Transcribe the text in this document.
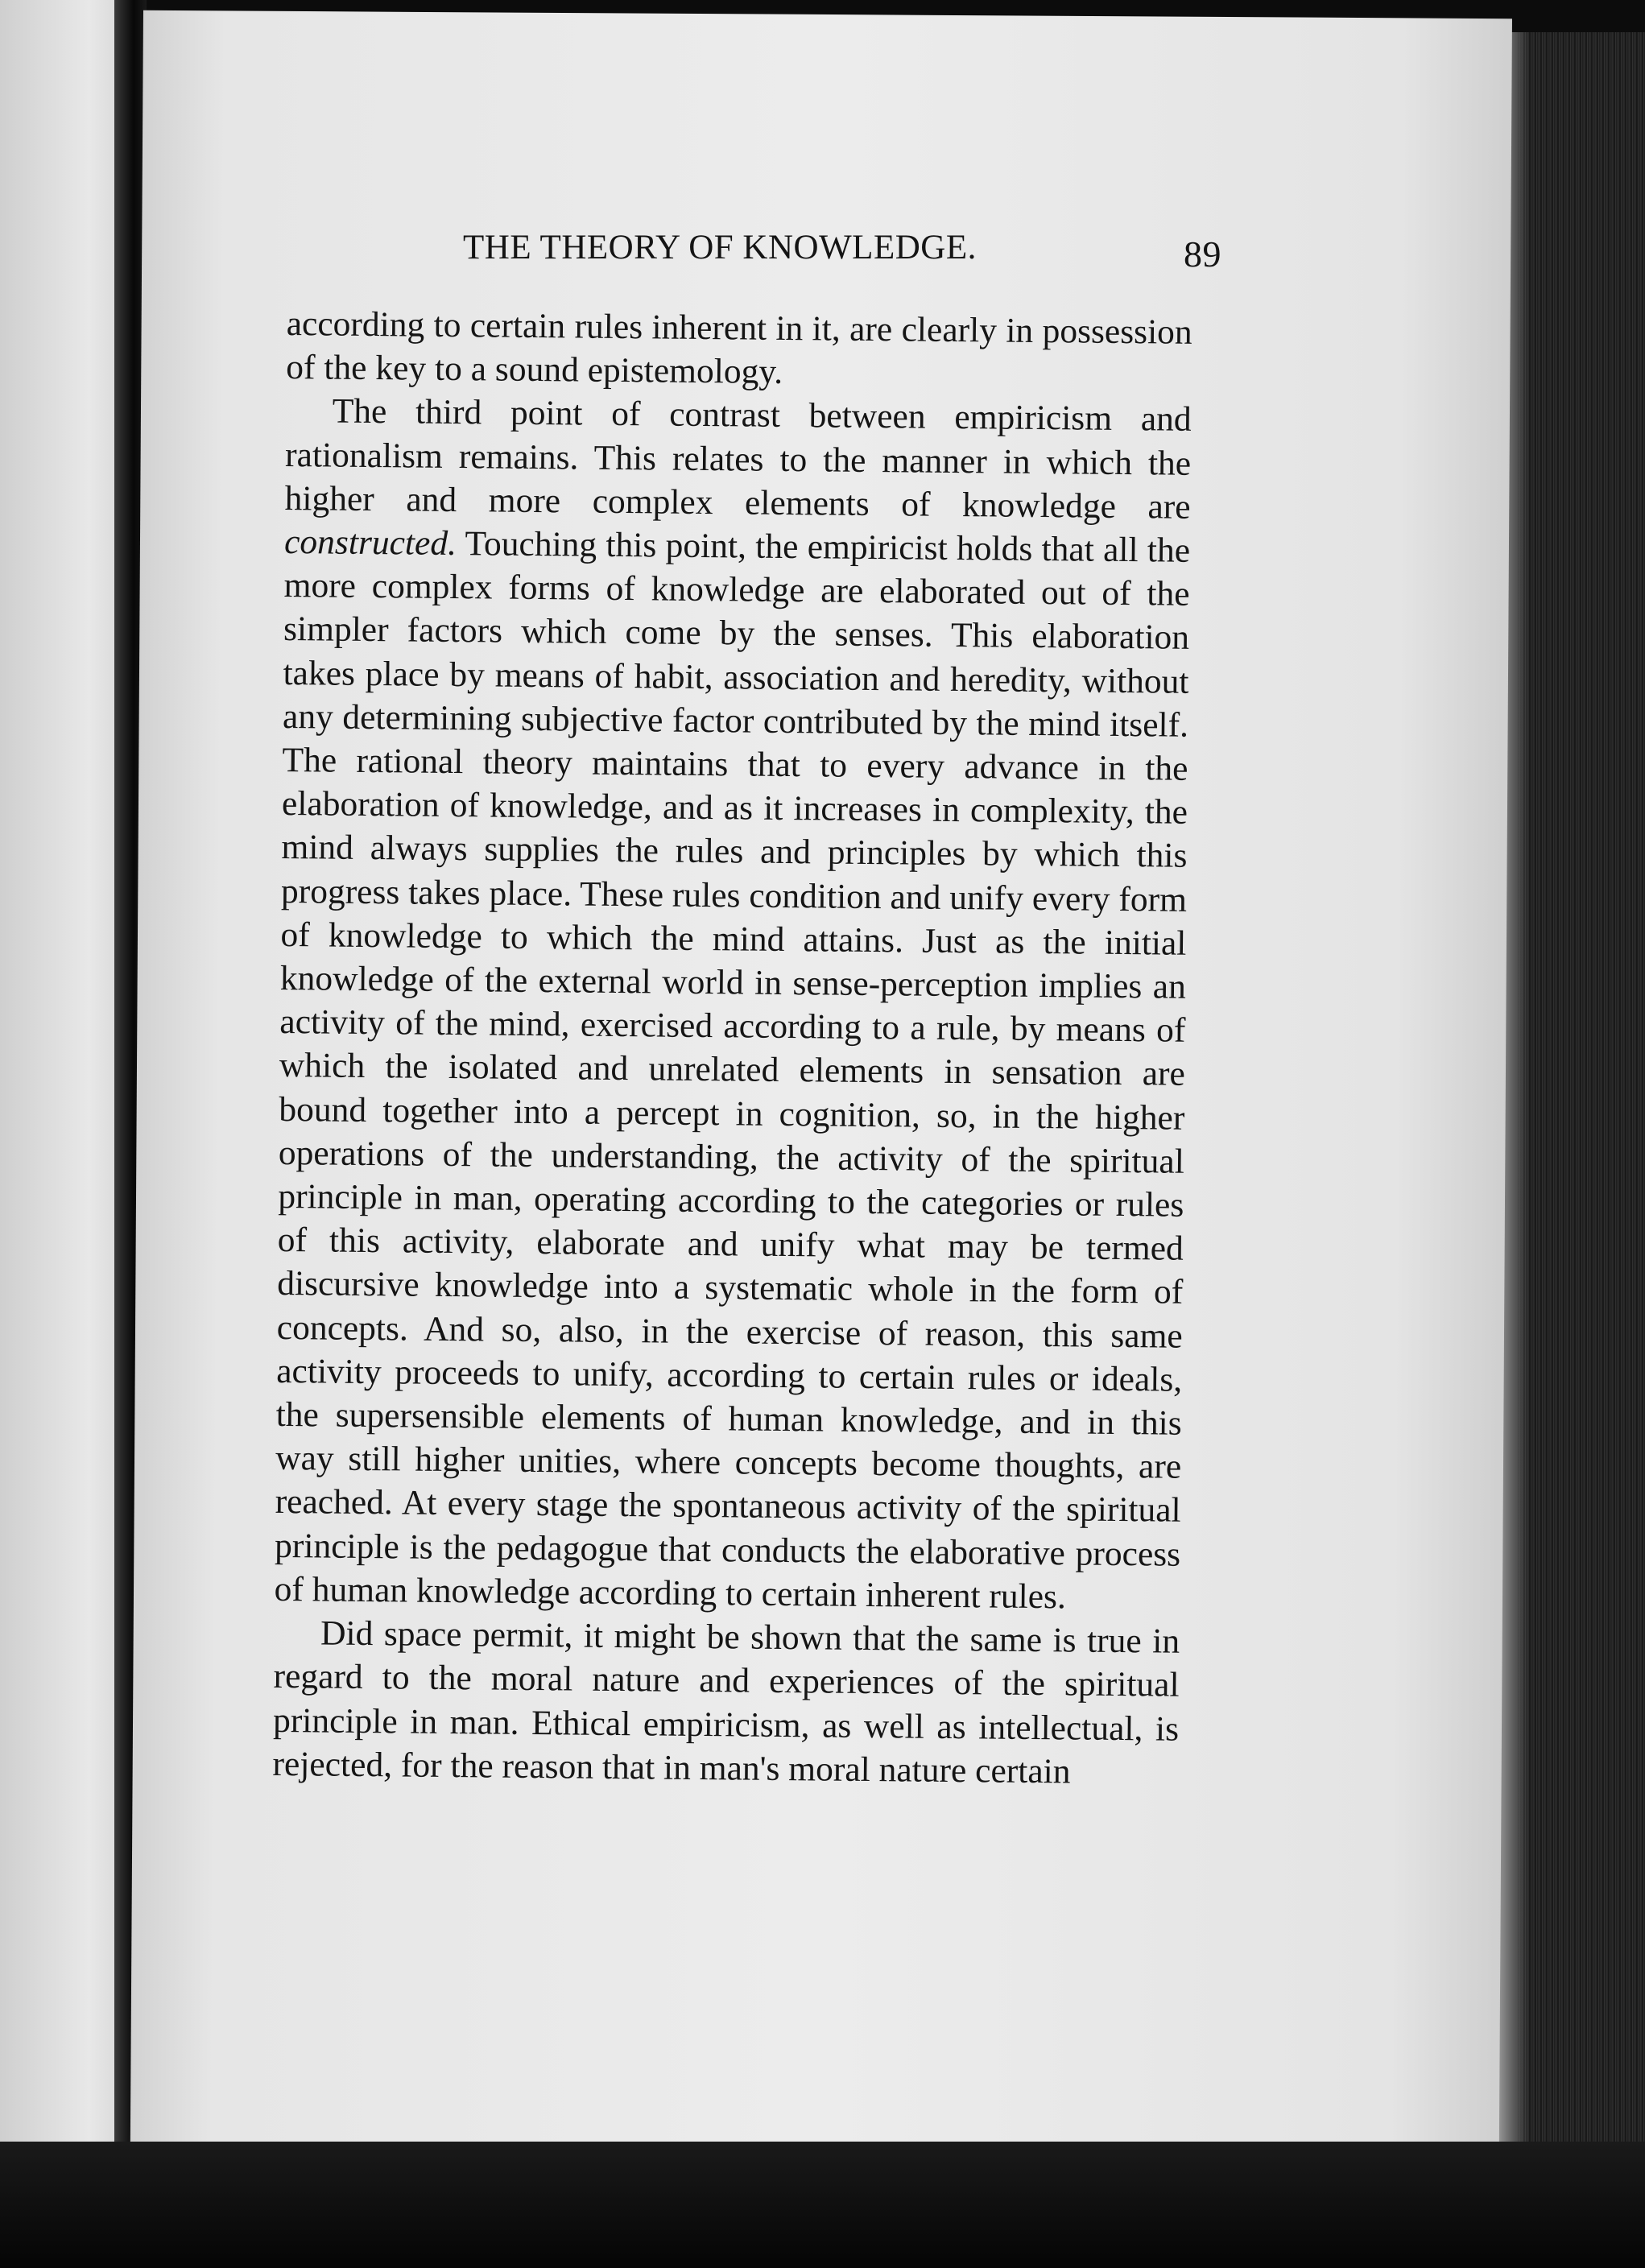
THE THEORY OF KNOWLEDGE.	89

according to certain rules inherent in it, are clearly in possession of the key to a sound epistemology.

The third point of contrast between empiricism and rationalism remains. This relates to the manner in which the higher and more complex elements of knowledge are constructed. Touching this point, the empiricist holds that all the more complex forms of knowledge are elaborated out of the simpler factors which come by the senses. This elaboration takes place by means of habit, association and heredity, without any determining subjective factor contributed by the mind itself. The rational theory maintains that to every advance in the elaboration of knowledge, and as it increases in complexity, the mind always supplies the rules and principles by which this progress takes place. These rules condition and unify every form of knowledge to which the mind attains. Just as the initial knowledge of the external world in sense-perception implies an activity of the mind, exercised according to a rule, by means of which the isolated and unrelated elements in sensation are bound together into a percept in cognition, so, in the higher operations of the understanding, the activity of the spiritual principle in man, operating according to the categories or rules of this activity, elaborate and unify what may be termed discursive knowledge into a systematic whole in the form of concepts. And so, also, in the exercise of reason, this same activity proceeds to unify, according to certain rules or ideals, the supersensible elements of human knowledge, and in this way still higher unities, where concepts become thoughts, are reached. At every stage the spontaneous activity of the spiritual principle is the pedagogue that conducts the elaborative process of human knowledge according to certain inherent rules.

Did space permit, it might be shown that the same is true in regard to the moral nature and experiences of the spiritual principle in man. Ethical empiricism, as well as intellectual, is rejected, for the reason that in man's moral nature certain
